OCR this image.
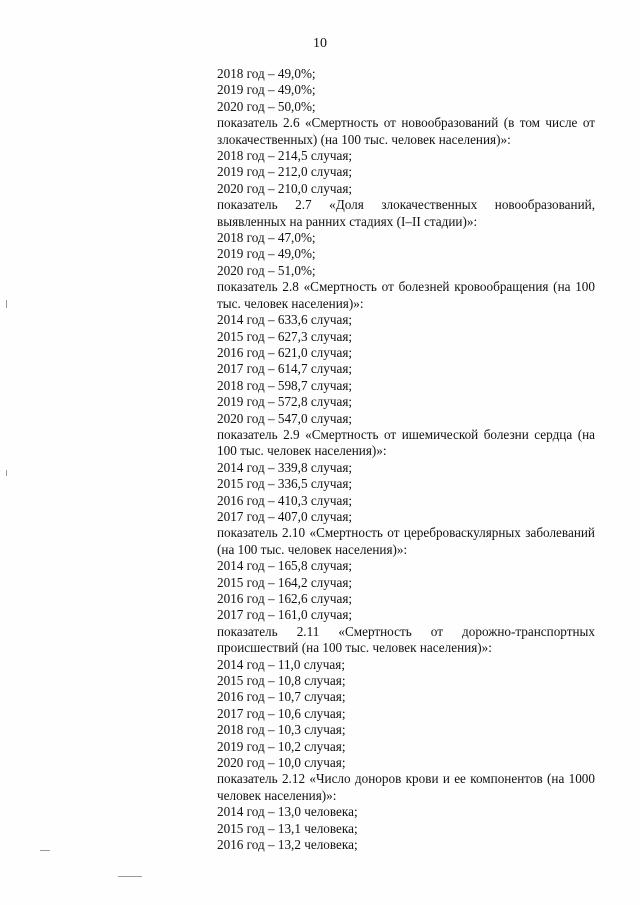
10
2018 год – 49,0%;
2019 год – 49,0%;
2020 год – 50,0%;
показатель 2.6 «Смертность от новообразований (в том числе от злокачественных) (на 100 тыс. человек населения)»:
2018 год – 214,5 случая;
2019 год – 212,0 случая;
2020 год – 210,0 случая;
показатель 2.7 «Доля злокачественных новообразований, выявленных на ранних стадиях (I–II стадии)»:
2018 год – 47,0%;
2019 год – 49,0%;
2020 год – 51,0%;
показатель 2.8 «Смертность от болезней кровообращения (на 100 тыс. человек населения)»:
2014 год – 633,6 случая;
2015 год – 627,3 случая;
2016 год – 621,0 случая;
2017 год – 614,7 случая;
2018 год – 598,7 случая;
2019 год – 572,8 случая;
2020 год – 547,0 случая;
показатель 2.9 «Смертность от ишемической болезни сердца (на 100 тыс. человек населения)»:
2014 год – 339,8 случая;
2015 год – 336,5 случая;
2016 год – 410,3 случая;
2017 год – 407,0 случая;
показатель 2.10 «Смертность от цереброваскулярных заболеваний (на 100 тыс. человек населения)»:
2014 год – 165,8 случая;
2015 год – 164,2 случая;
2016 год – 162,6 случая;
2017 год – 161,0 случая;
показатель 2.11 «Смертность от дорожно-транспортных происшествий (на 100 тыс. человек населения)»:
2014 год – 11,0 случая;
2015 год – 10,8 случая;
2016 год – 10,7 случая;
2017 год – 10,6 случая;
2018 год – 10,3 случая;
2019 год – 10,2 случая;
2020 год – 10,0 случая;
показатель 2.12 «Число доноров крови и ее компонентов (на 1000 человек населения)»:
2014 год – 13,0 человека;
2015 год – 13,1 человека;
2016 год – 13,2 человека;
